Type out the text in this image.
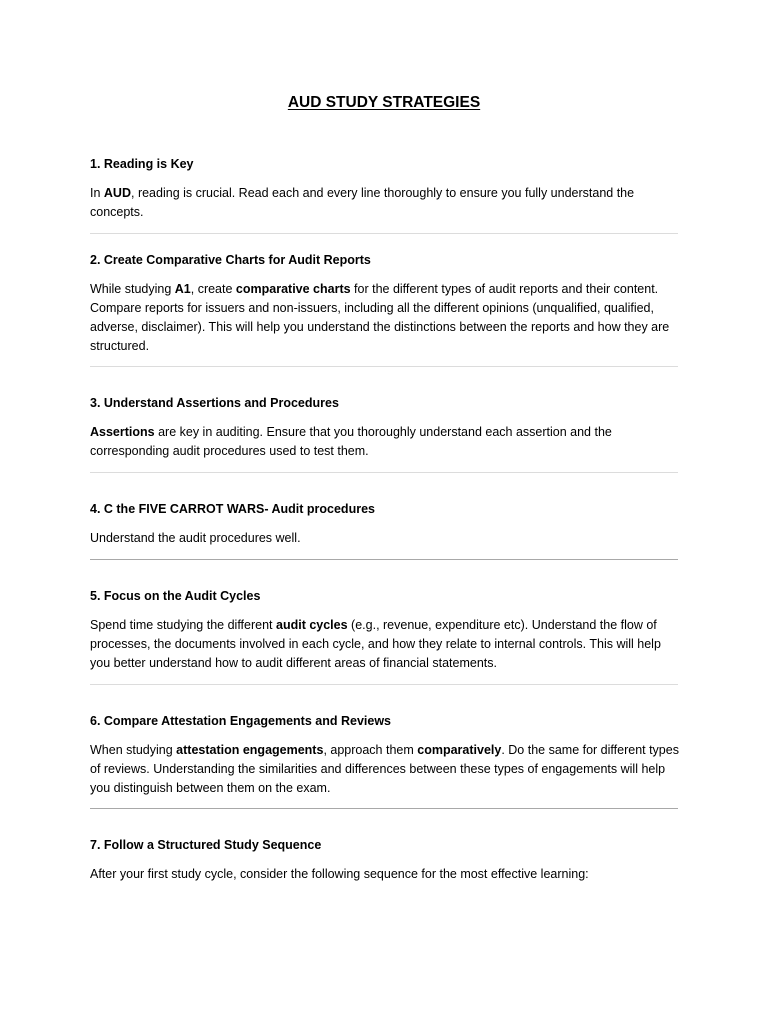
AUD STUDY STRATEGIES

1. Reading is Key

In AUD, reading is crucial. Read each and every line thoroughly to ensure you fully understand the concepts.

2. Create Comparative Charts for Audit Reports

While studying A1, create comparative charts for the different types of audit reports and their content. Compare reports for issuers and non-issuers, including all the different opinions (unqualified, qualified, adverse, disclaimer). This will help you understand the distinctions between the reports and how they are structured.

3. Understand Assertions and Procedures

Assertions are key in auditing. Ensure that you thoroughly understand each assertion and the corresponding audit procedures used to test them.

4. C the FIVE CARROT WARS- Audit procedures

Understand the audit procedures well.

5. Focus on the Audit Cycles

Spend time studying the different audit cycles (e.g., revenue, expenditure etc). Understand the flow of processes, the documents involved in each cycle, and how they relate to internal controls. This will help you better understand how to audit different areas of financial statements.

6. Compare Attestation Engagements and Reviews

When studying attestation engagements, approach them comparatively. Do the same for different types of reviews. Understanding the similarities and differences between these types of engagements will help you distinguish between them on the exam.

7. Follow a Structured Study Sequence

After your first study cycle, consider the following sequence for the most effective learning:
